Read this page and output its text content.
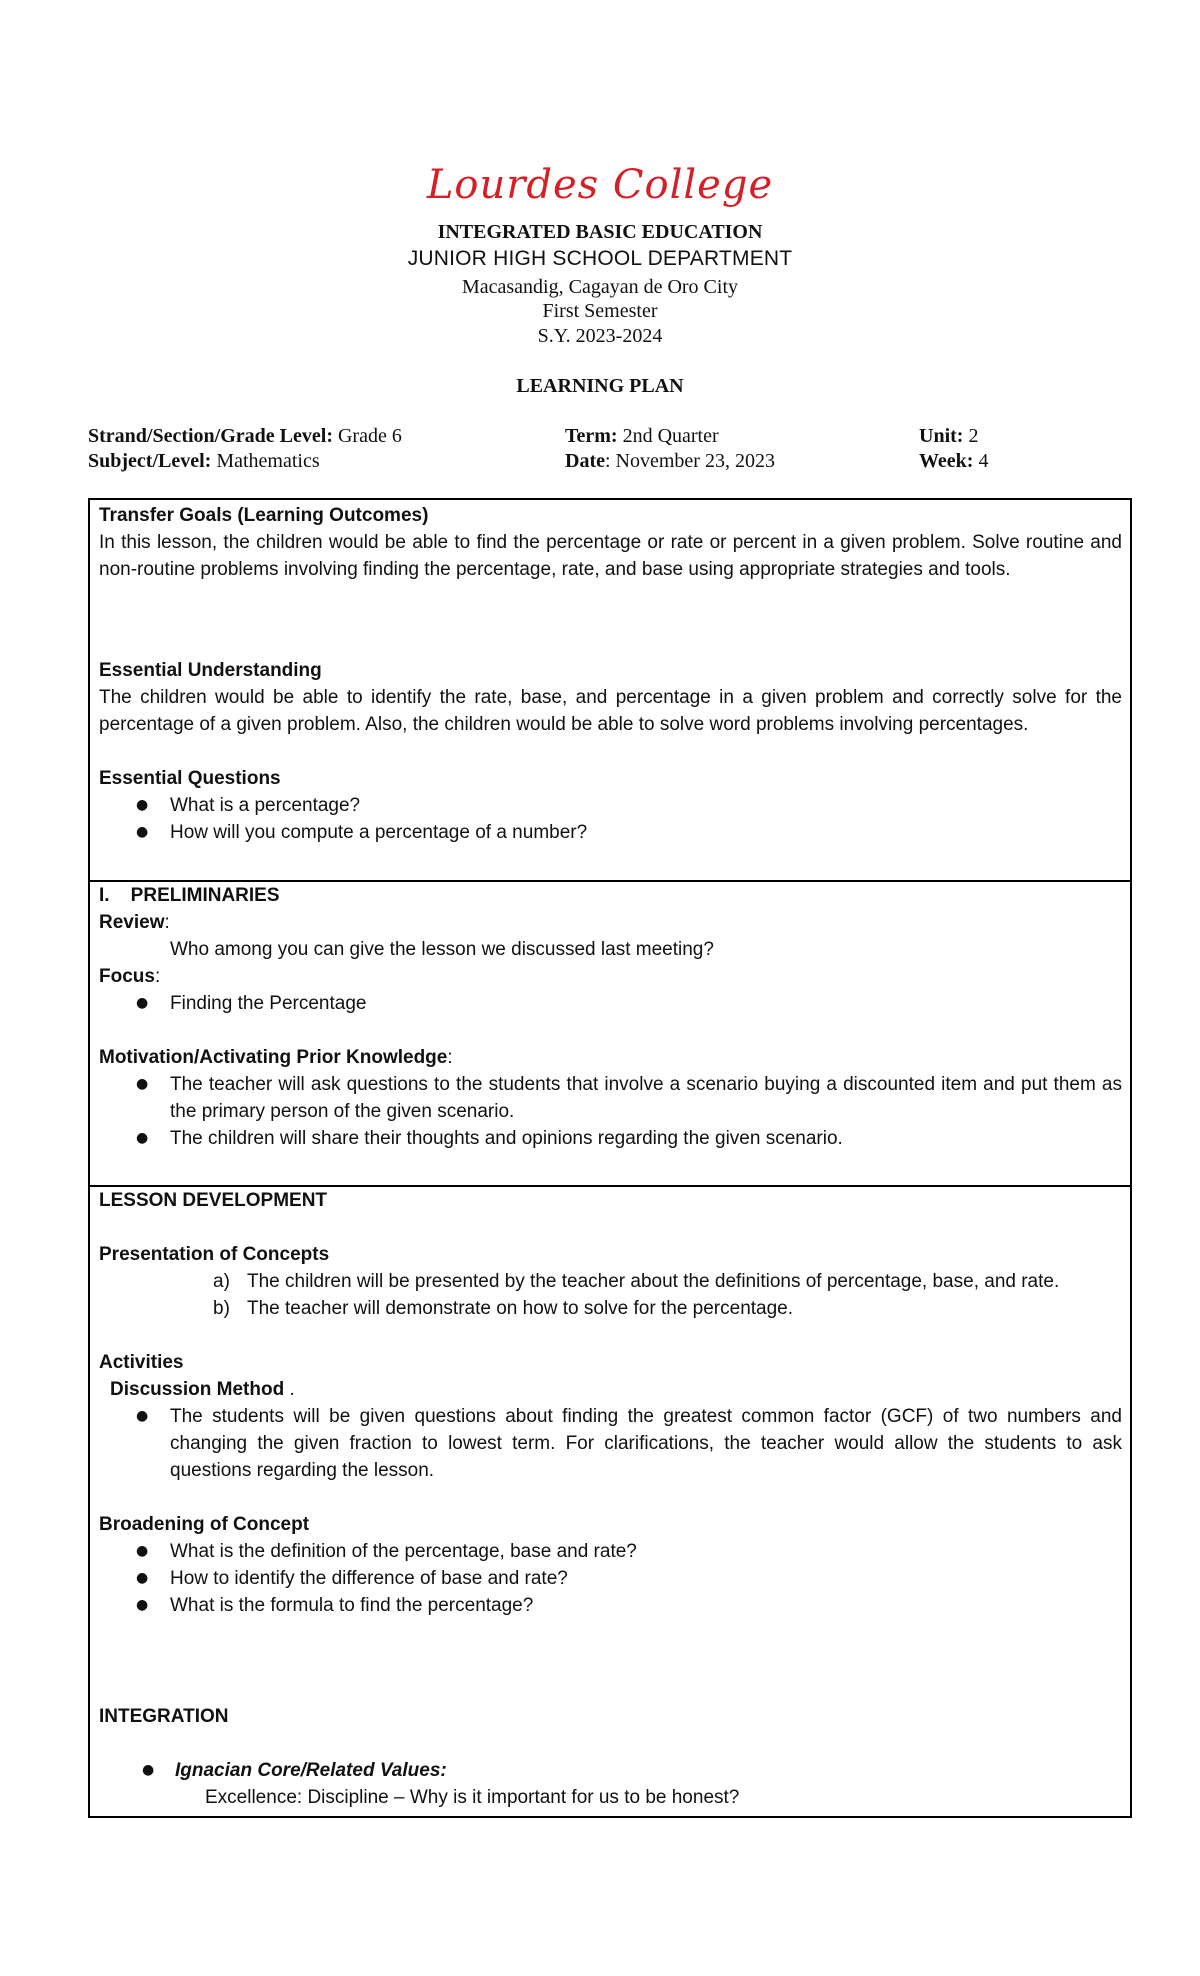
Lourdes College
INTEGRATED BASIC EDUCATION
JUNIOR HIGH SCHOOL DEPARTMENT
Macasandig, Cagayan de Oro City
First Semester
S.Y. 2023-2024
LEARNING PLAN
Strand/Section/Grade Level: Grade 6	Term: 2nd Quarter	Unit: 2
Subject/Level: Mathematics	Date: November 23, 2023	Week: 4
Transfer Goals (Learning Outcomes)
In this lesson, the children would be able to find the percentage or rate or percent in a given problem. Solve routine and non-routine problems involving finding the percentage, rate, and base using appropriate strategies and tools.
Essential Understanding
The children would be able to identify the rate, base, and percentage in a given problem and correctly solve for the percentage of a given problem. Also, the children would be able to solve word problems involving percentages.
Essential Questions
● What is a percentage?
● How will you compute a percentage of a number?
I.    PRELIMINARIES
Review:
Who among you can give the lesson we discussed last meeting?
Focus:
● Finding the Percentage
Motivation/Activating Prior Knowledge:
● The teacher will ask questions to the students that involve a scenario buying a discounted item and put them as the primary person of the given scenario.
● The children will share their thoughts and opinions regarding the given scenario.
LESSON DEVELOPMENT
Presentation of Concepts
a) The children will be presented by the teacher about the definitions of percentage, base, and rate.
b) The teacher will demonstrate on how to solve for the percentage.
Activities
Discussion Method .
● The students will be given questions about finding the greatest common factor (GCF) of two numbers and changing the given fraction to lowest term. For clarifications, the teacher would allow the students to ask questions regarding the lesson.
Broadening of Concept
● What is the definition of the percentage, base and rate?
● How to identify the difference of base and rate?
● What is the formula to find the percentage?
INTEGRATION
● Ignacian Core/Related Values:
Excellence: Discipline – Why is it important for us to be honest?
